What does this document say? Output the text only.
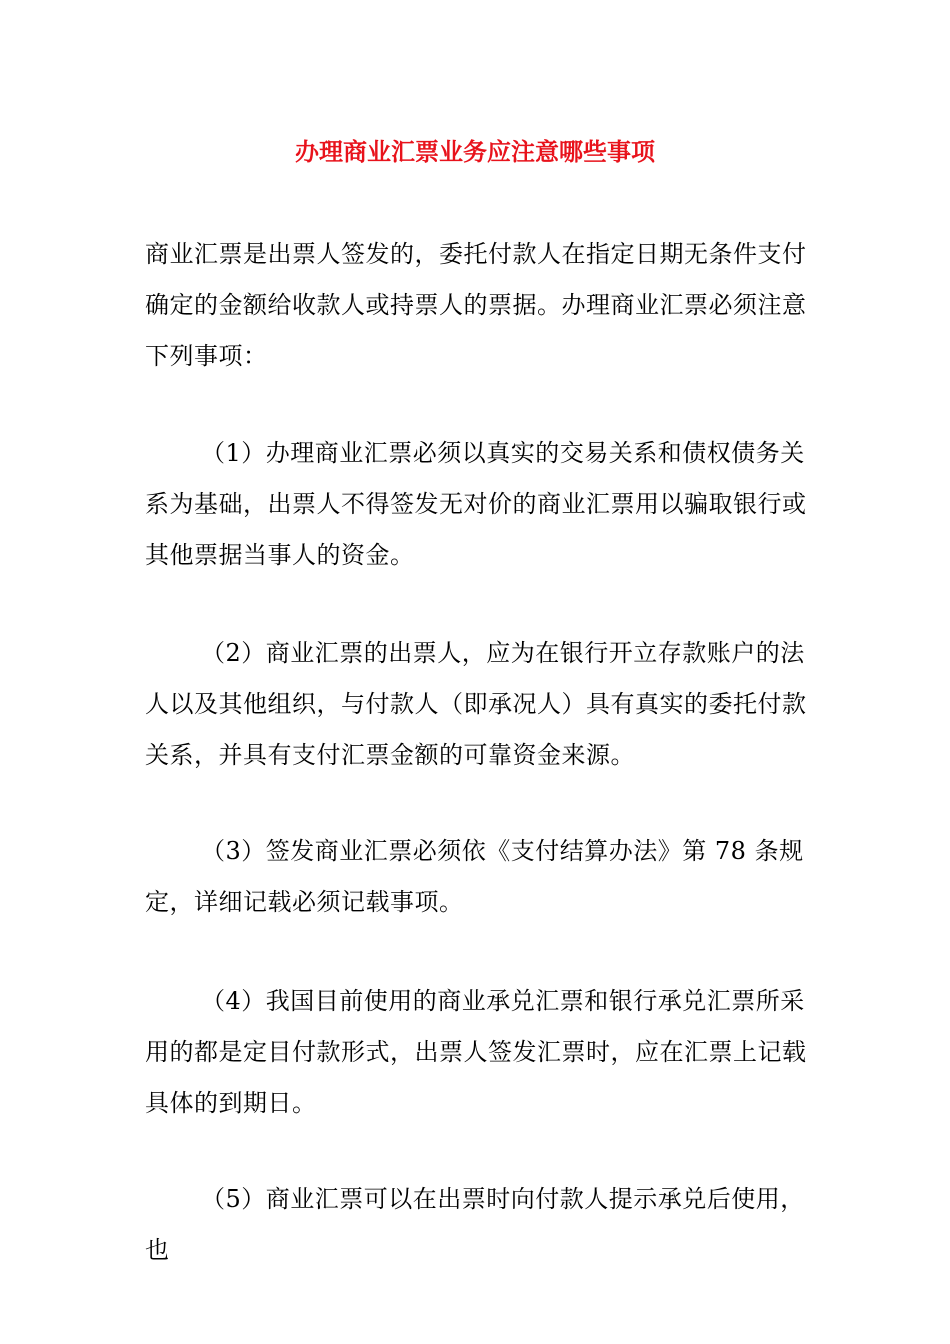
办理商业汇票业务应注意哪些事项

商业汇票是出票人签发的，委托付款人在指定日期无条件支付确定的金额给收款人或持票人的票据。办理商业汇票必须注意下列事项：

（1）办理商业汇票必须以真实的交易关系和债权债务关系为基础，出票人不得签发无对价的商业汇票用以骗取银行或其他票据当事人的资金。

（2）商业汇票的出票人，应为在银行开立存款账户的法人以及其他组织，与付款人（即承况人）具有真实的委托付款关系，并具有支付汇票金额的可靠资金来源。

（3）签发商业汇票必须依《支付结算办法》第 78 条规定，详细记载必须记载事项。

（4）我国目前使用的商业承兑汇票和银行承兑汇票所采用的都是定目付款形式，出票人签发汇票时，应在汇票上记载具体的到期日。

（5）商业汇票可以在出票时向付款人提示承兑后使用，也
